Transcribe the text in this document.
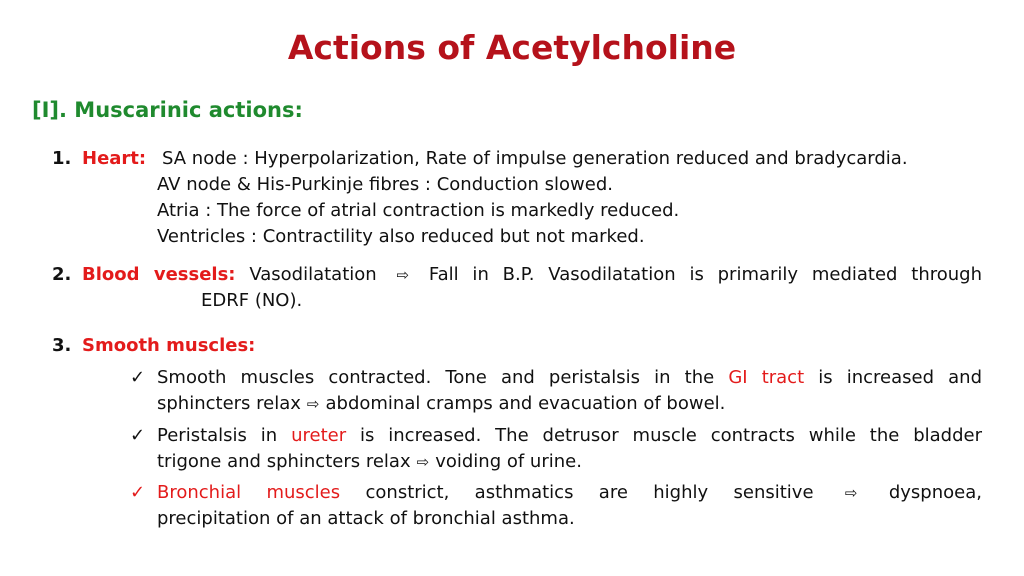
Actions of Acetylcholine
[I]. Muscarinic actions:
1. Heart: SA node : Hyperpolarization, Rate of impulse generation reduced and bradycardia.
AV node & His-Purkinje fibres : Conduction slowed.
Atria : The force of atrial contraction is markedly reduced.
Ventricles : Contractility also reduced but not marked.
2. Blood vessels: Vasodilatation ⇨ Fall in B.P. Vasodilatation is primarily mediated through
EDRF (NO).
3. Smooth muscles:
✓ Smooth muscles contracted. Tone and peristalsis in the GI tract is increased and
sphincters relax ⇨ abdominal cramps and evacuation of bowel.
✓ Peristalsis in ureter is increased. The detrusor muscle contracts while the bladder
trigone and sphincters relax ⇨ voiding of urine.
✓ Bronchial muscles constrict, asthmatics are highly sensitive ⇨ dyspnoea,
precipitation of an attack of bronchial asthma.
